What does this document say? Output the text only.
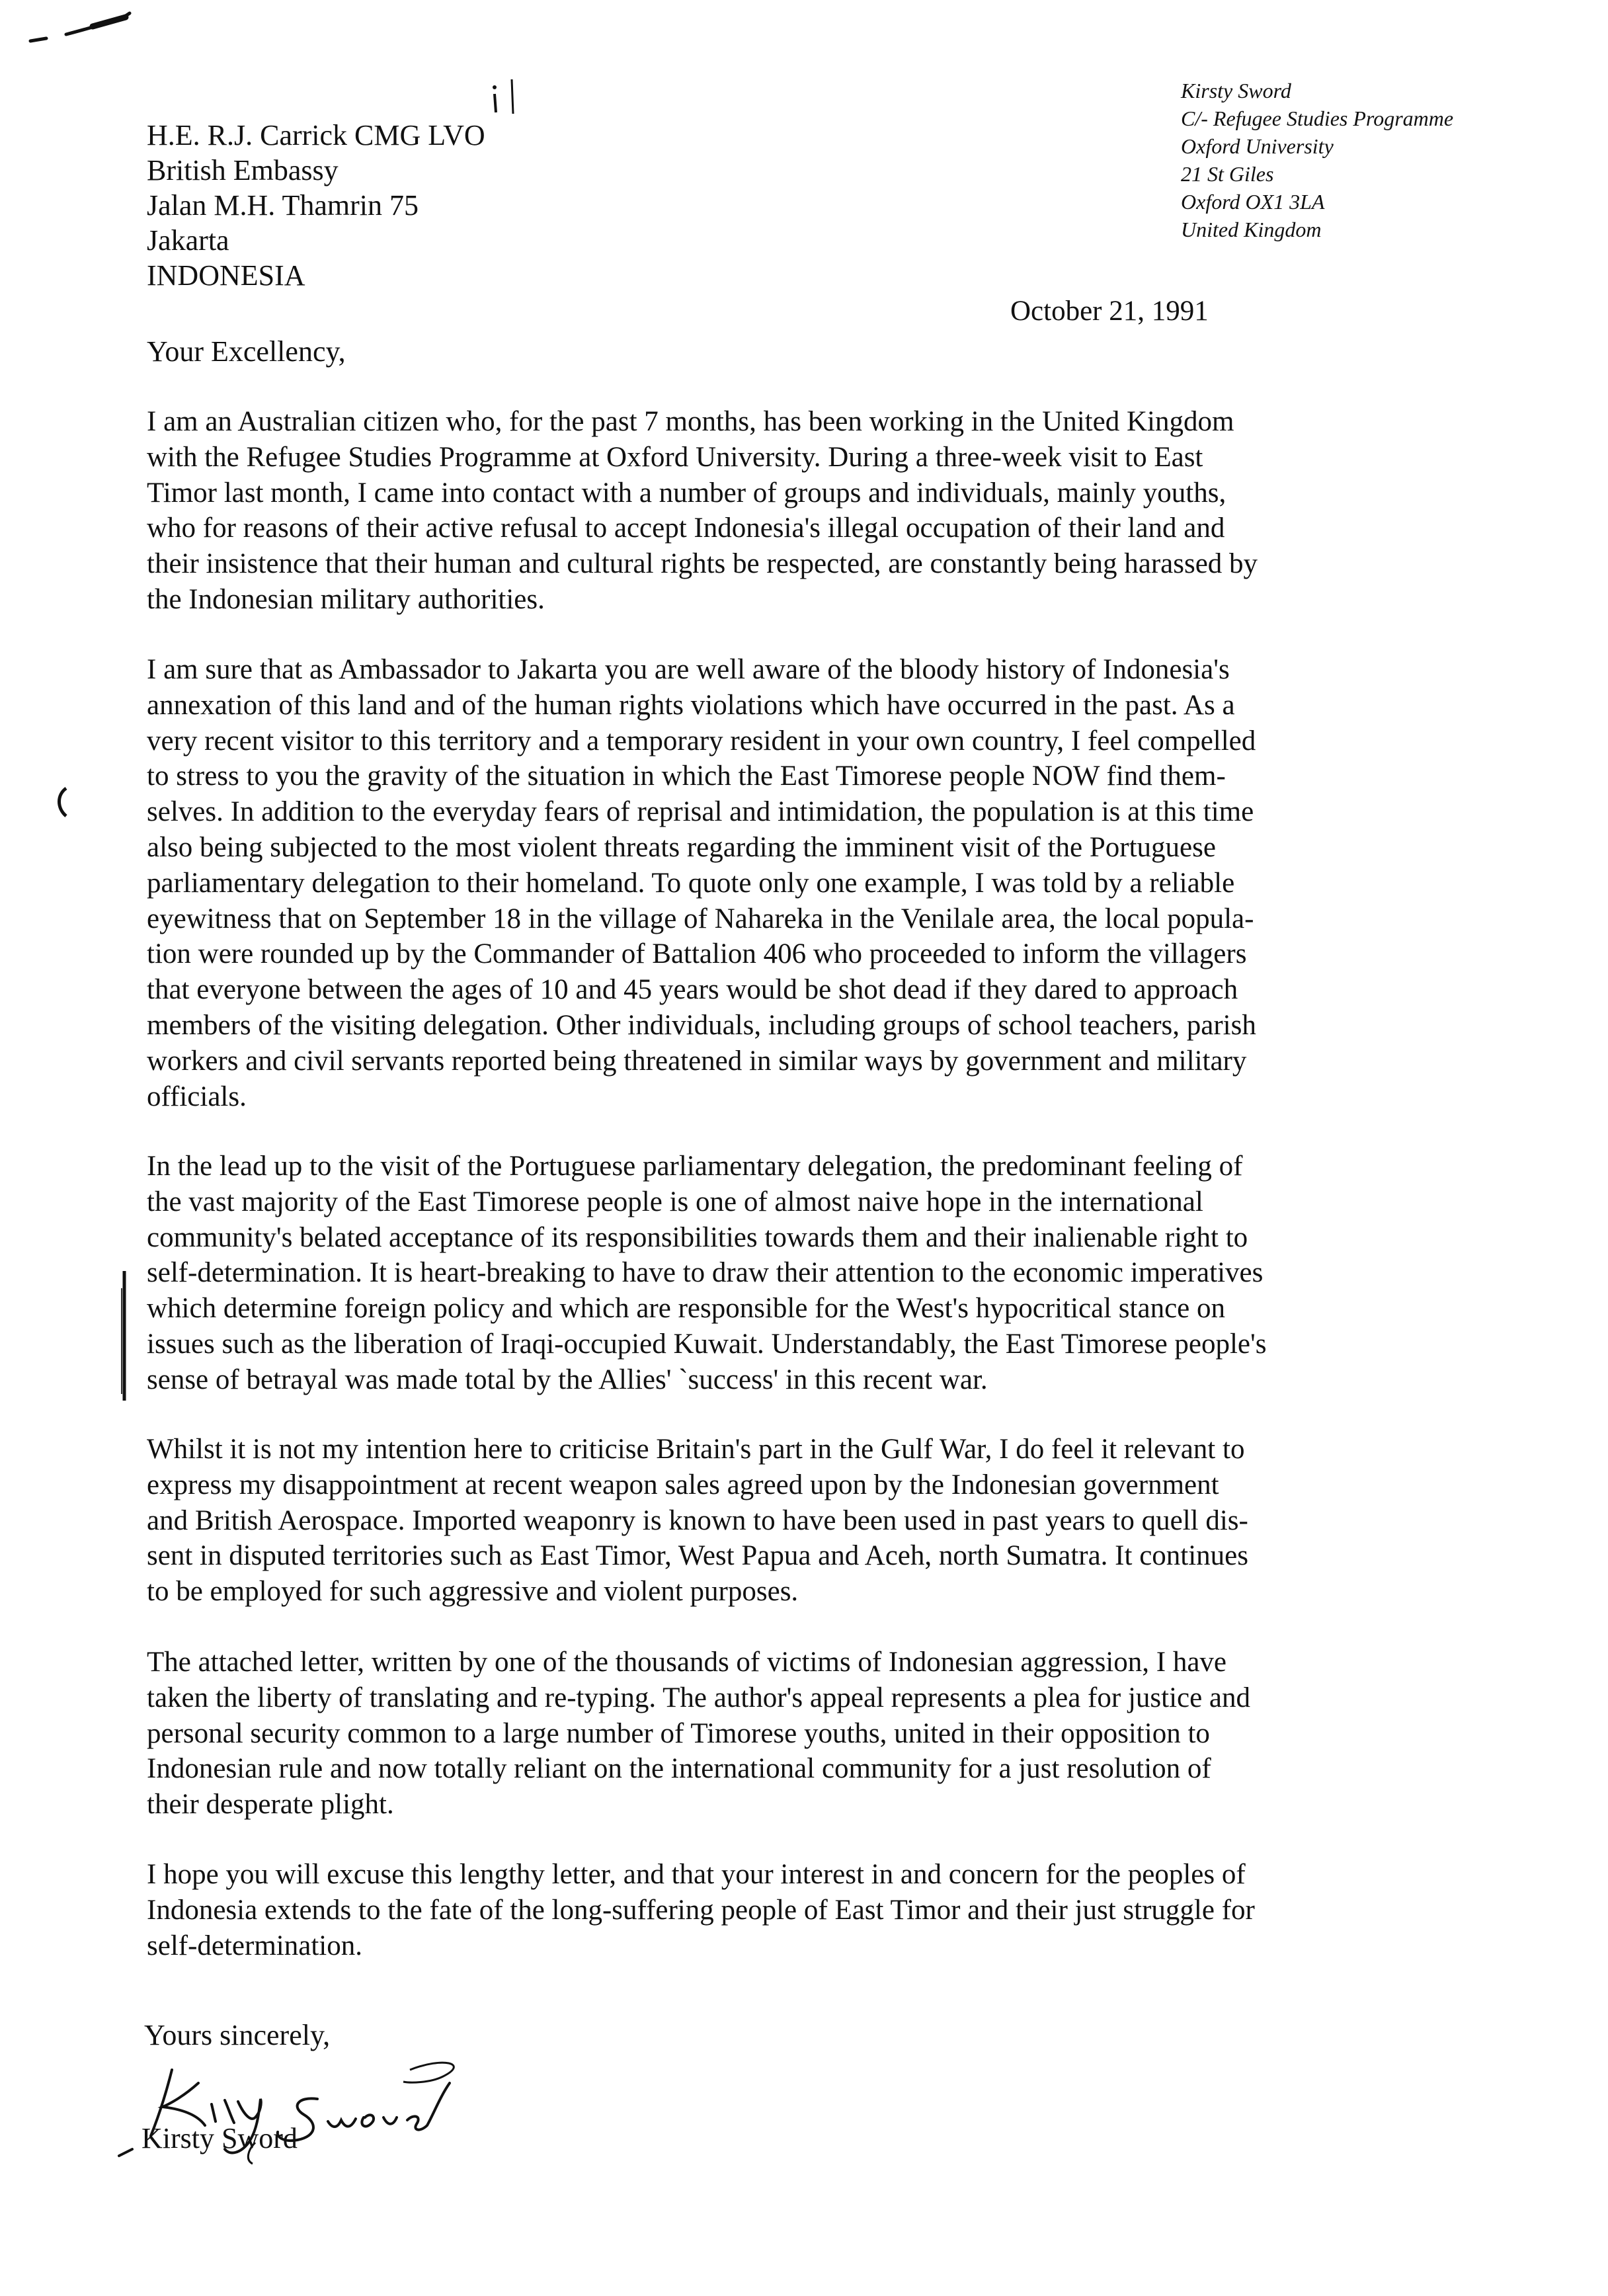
H.E. R.J. Carrick CMG LVO
British Embassy
Jalan M.H. Thamrin 75
Jakarta
INDONESIA
Kirsty Sword
C/- Refugee Studies Programme
Oxford University
21 St Giles
Oxford OX1 3LA
United Kingdom
October 21, 1991
Your Excellency,

I am an Australian citizen who, for the past 7 months, has been working in the United Kingdom
with the Refugee Studies Programme at Oxford University. During a three-week visit to East
Timor last month, I came into contact with a number of groups and individuals, mainly youths,
who for reasons of their active refusal to accept Indonesia's illegal occupation of their land and
their insistence that their human and cultural rights be respected, are constantly being harassed by
the Indonesian military authorities.

I am sure that as Ambassador to Jakarta you are well aware of the bloody history of Indonesia's
annexation of this land and of the human rights violations which have occurred in the past. As a
very recent visitor to this territory and a temporary resident in your own country, I feel compelled
to stress to you the gravity of the situation in which the East Timorese people NOW find them-
selves. In addition to the everyday fears of reprisal and intimidation, the population is at this time
also being subjected to the most violent threats regarding the imminent visit of the Portuguese
parliamentary delegation to their homeland. To quote only one example, I was told by a reliable
eyewitness that on September 18 in the village of Nahareka in the Venilale area, the local popula-
tion were rounded up by the Commander of Battalion 406 who proceeded to inform the villagers
that everyone between the ages of 10 and 45 years would be shot dead if they dared to approach
members of the visiting delegation. Other individuals, including groups of school teachers, parish
workers and civil servants reported being threatened in similar ways by government and military
officials.

In the lead up to the visit of the Portuguese parliamentary delegation, the predominant feeling of
the vast majority of the East Timorese people is one of almost naive hope in the international
community's belated acceptance of its responsibilities towards them and their inalienable right to
self-determination. It is heart-breaking to have to draw their attention to the economic imperatives
which determine foreign policy and which are responsible for the West's hypocritical stance on
issues such as the liberation of Iraqi-occupied Kuwait. Understandably, the East Timorese people's
sense of betrayal was made total by the Allies' `success' in this recent war.

Whilst it is not my intention here to criticise Britain's part in the Gulf War, I do feel it relevant to
express my disappointment at recent weapon sales agreed upon by the Indonesian government
and British Aerospace. Imported weaponry is known to have been used in past years to quell dis-
sent in disputed territories such as East Timor, West Papua and Aceh, north Sumatra. It continues
to be employed for such aggressive and violent purposes.

The attached letter, written by one of the thousands of victims of Indonesian aggression, I have
taken the liberty of translating and re-typing. The author's appeal represents a plea for justice and
personal security common to a large number of Timorese youths, united in their opposition to
Indonesian rule and now totally reliant on the international community for a just resolution of
their desperate plight.

I hope you will excuse this lengthy letter, and that your interest in and concern for the peoples of
Indonesia extends to the fate of the long-suffering people of East Timor and their just struggle for
self-determination.

Yours sincerely,
Kirsty Sword
